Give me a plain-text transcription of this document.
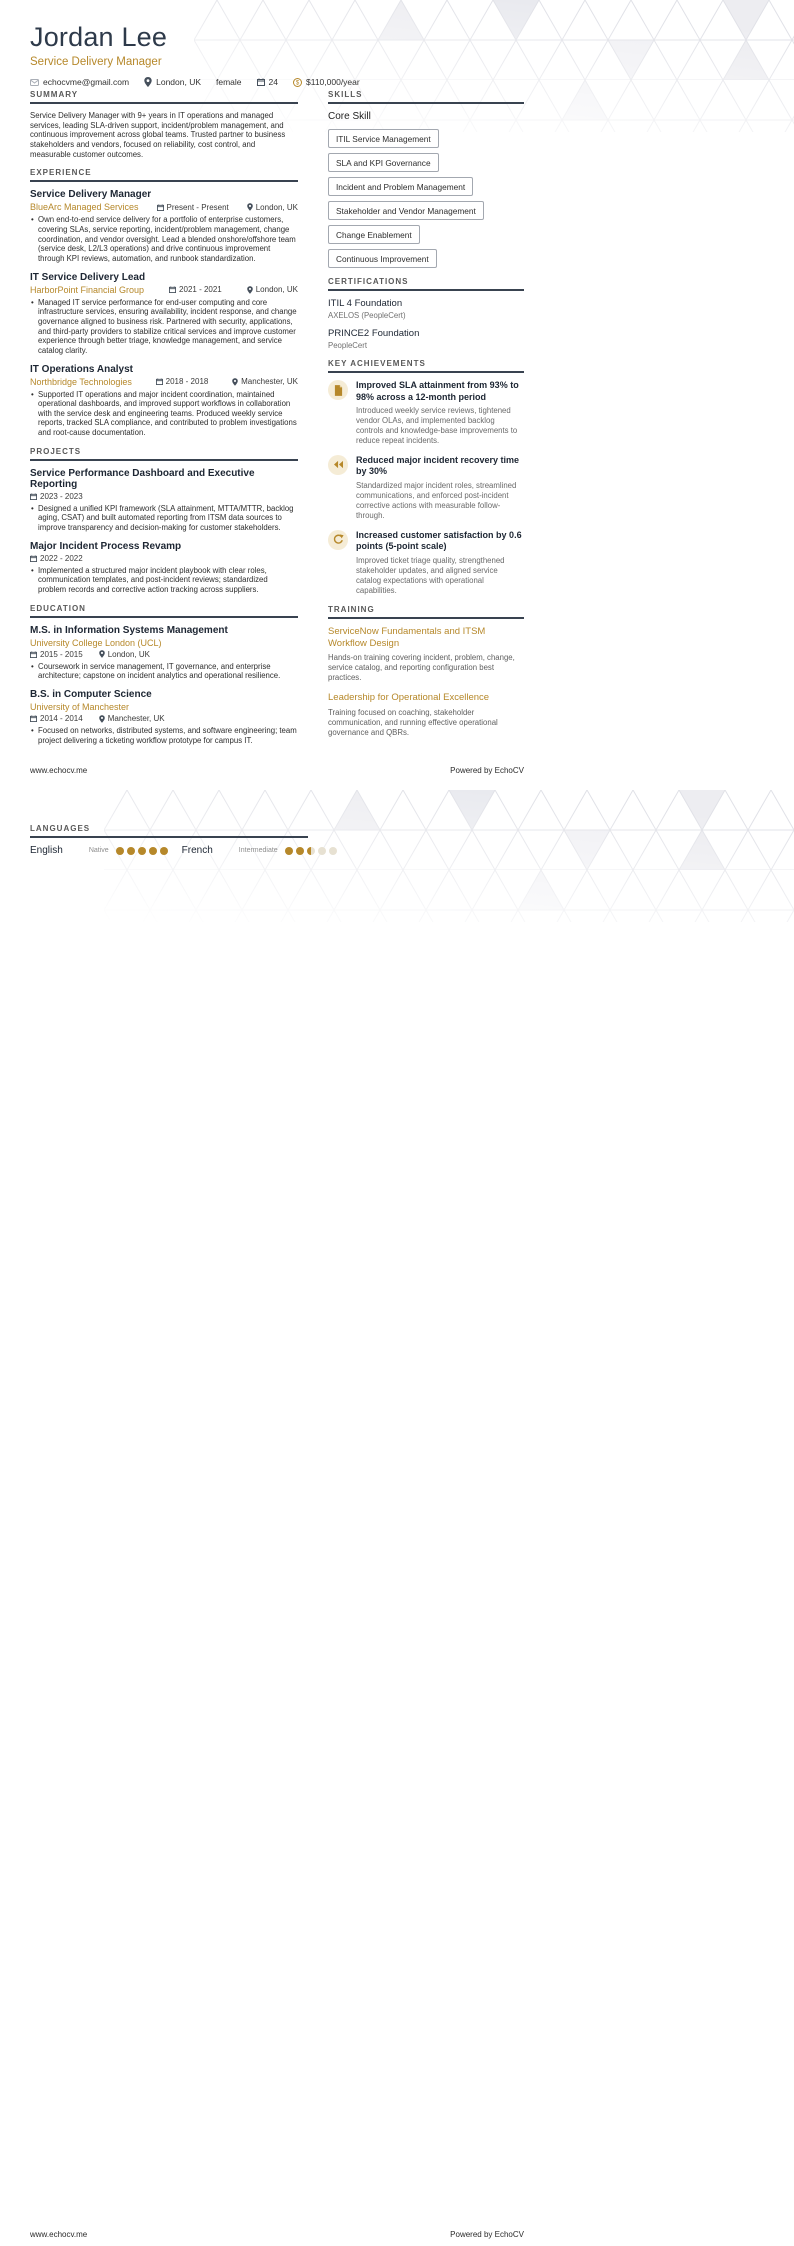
Jordan Lee
Service Delivery Manager
echocvme@gmail.com	London, UK female	24	$ $110,000/year
SUMMARY

Service Delivery Manager with 9+ years in IT operations and managed services, leading SLA-driven support, incident/problem management, and continuous improvement across global teams. Trusted partner to business stakeholders and vendors, focused on reliability, cost control, and measurable customer outcomes.

EXPERIENCE
Service Delivery Manager
BlueArc Managed Services	Present - Present	London, UK
• Own end-to-end service delivery for a portfolio of enterprise customers, covering SLAs, service reporting, incident/problem management, change coordination, and vendor oversight. Lead a blended onshore/offshore team (service desk, L2/L3 operations) and drive continuous improvement through KPI reviews, automation, and runbook standardization.
IT Service Delivery Lead
HarborPoint Financial Group	2021 - 2021	London, UK
• Managed IT service performance for end-user computing and core infrastructure services, ensuring availability, incident response, and change governance aligned to business risk. Partnered with security, applications, and third-party providers to stabilize critical services and improve customer experience through better triage, knowledge management, and service catalog clarity.
IT Operations Analyst
Northbridge Technologies	2018 - 2018	Manchester, UK
• Supported IT operations and major incident coordination, maintained operational dashboards, and improved support workflows in collaboration with the service desk and engineering teams. Produced weekly service reports, tracked SLA compliance, and contributed to problem investigations and root-cause documentation.
PROJECTS
Service Performance Dashboard and Executive Reporting
2023 - 2023
• Designed a unified KPI framework (SLA attainment, MTTA/MTTR, backlog aging, CSAT) and built automated reporting from ITSM data sources to improve transparency and decision-making for customer stakeholders.
Major Incident Process Revamp
2022 - 2022
• Implemented a structured major incident playbook with clear roles, communication templates, and post-incident reviews; standardized problem records and corrective action tracking across suppliers.
EDUCATION
M.S. in Information Systems Management
University College London (UCL)
2015 - 2015	London, UK
• Coursework in service management, IT governance, and enterprise architecture; capstone on incident analytics and operational resilience.
B.S. in Computer Science
University of Manchester
2014 - 2014	Manchester, UK
• Focused on networks, distributed systems, and software engineering; team project delivering a ticketing workflow prototype for campus IT.
SKILLS
Core Skill
ITIL Service Management
SLA and KPI Governance
Incident and Problem Management
Stakeholder and Vendor Management
Change Enablement
Continuous Improvement
CERTIFICATIONS
ITIL 4 Foundation
AXELOS (PeopleCert)
PRINCE2 Foundation
PeopleCert
KEY ACHIEVEMENTS
Improved SLA attainment from 93% to 98% across a 12-month period
Introduced weekly service reviews, tightened vendor OLAs, and implemented backlog controls and knowledge-base improvements to reduce repeat incidents.
Reduced major incident recovery time by 30%
Standardized major incident roles, streamlined communications, and enforced post-incident corrective actions with measurable follow-through.
Increased customer satisfaction by 0.6 points (5-point scale)
Improved ticket triage quality, strengthened stakeholder updates, and aligned service catalog expectations with operational capabilities.
TRAINING
ServiceNow Fundamentals and ITSM Workflow Design
Hands-on training covering incident, problem, change, service catalog, and reporting configuration best practices.
Leadership for Operational Excellence
Training focused on coaching, stakeholder communication, and running effective operational governance and QBRs.
www.echocv.me	Powered by EchoCV
LANGUAGES
English	Native	French	Intermediate
www.echocv.me	Powered by EchoCV
